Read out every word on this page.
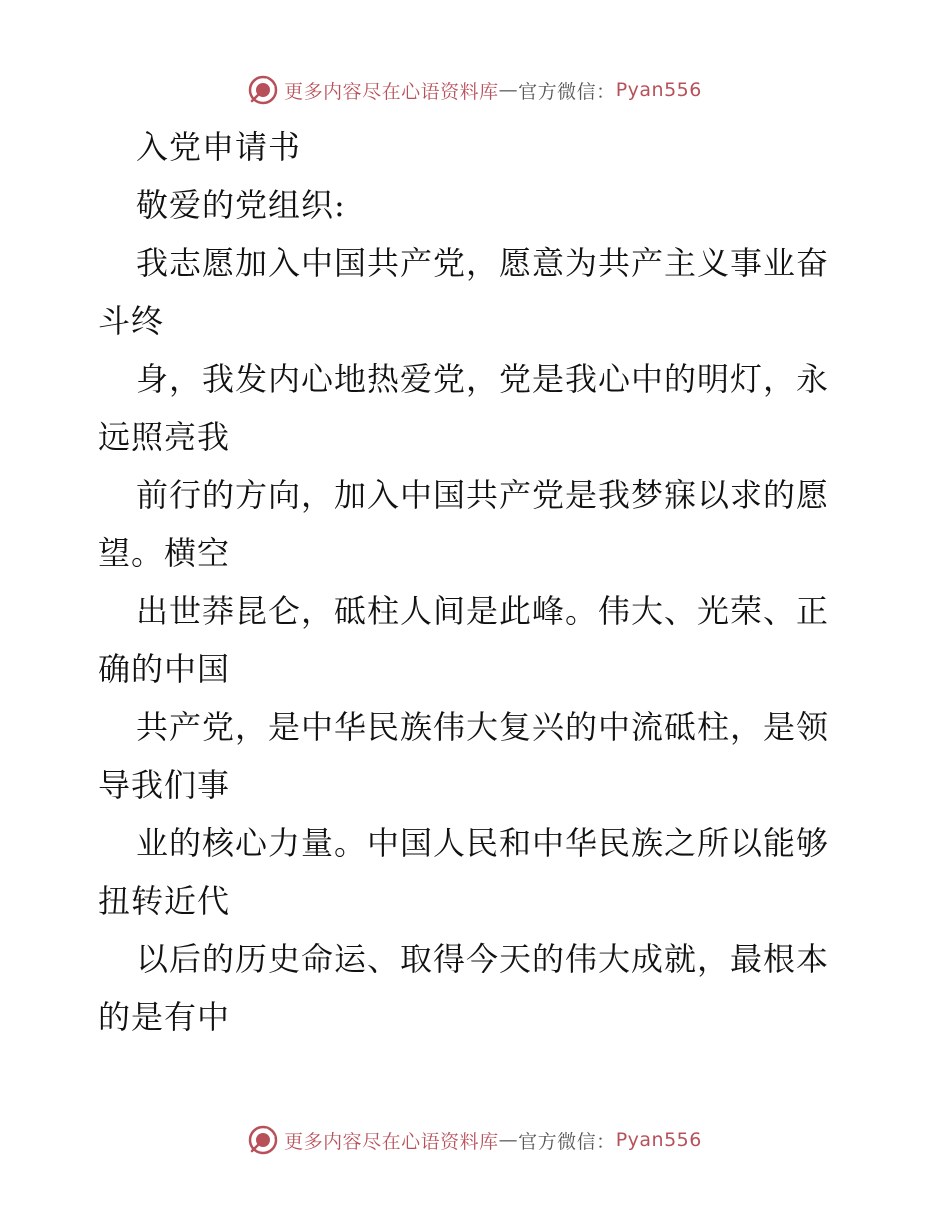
更多内容尽在心语资料库 — 官方微信： Pyan556
入党申请书
敬爱的党组织:
我志愿加入中国共产党，愿意为共产主义事业奋
斗终
身，我发内心地热爱党，党是我心中的明灯，永
远照亮我
前行的方向，加入中国共产党是我梦寐以求的愿
望。横空
出世莽昆仑，砥柱人间是此峰。伟大、光荣、正
确的中国
共产党，是中华民族伟大复兴的中流砥柱，是领
导我们事
业的核心力量。中国人民和中华民族之所以能够
扭转近代
以后的历史命运、取得今天的伟大成就，最根本
的是有中
更多内容尽在心语资料库 — 官方微信： Pyan556
